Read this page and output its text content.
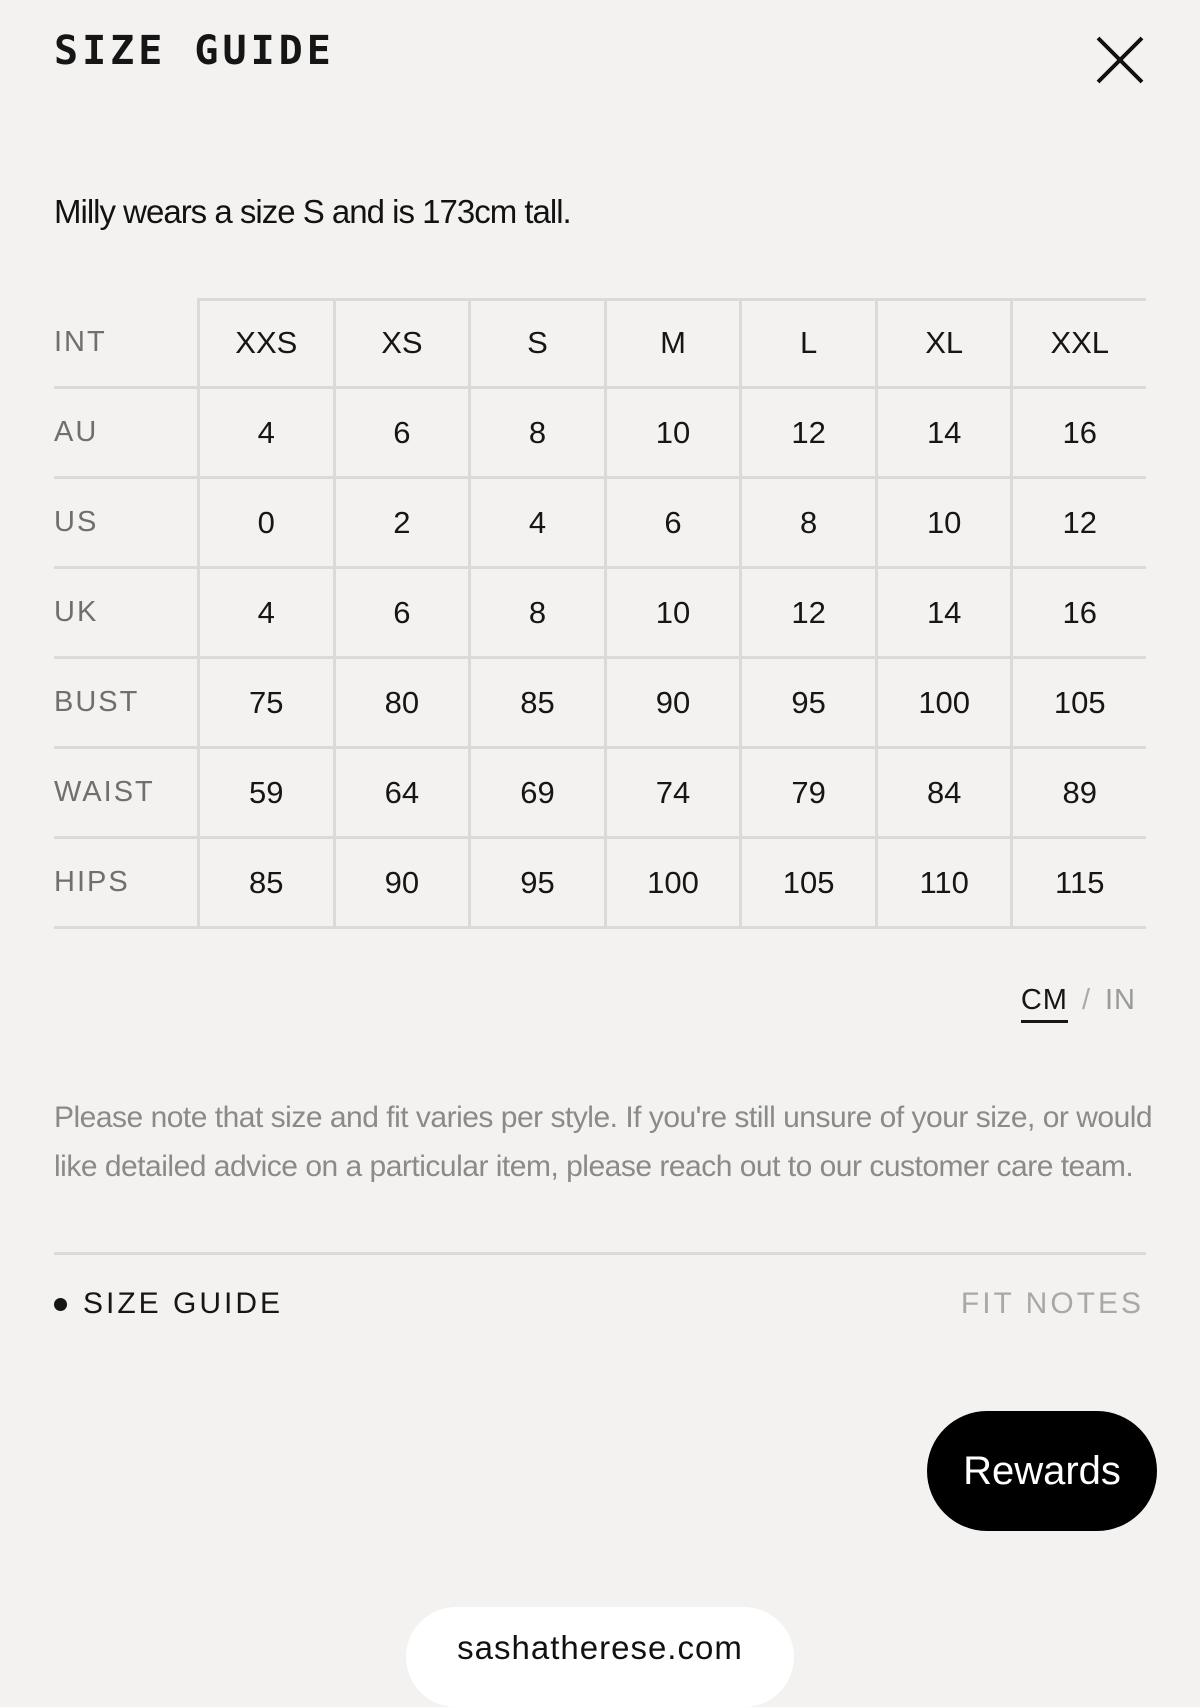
SIZE GUIDE
Milly wears a size S and is 173cm tall.
INT	XXS	XS	S	M	L	XL	XXL
AU	4	6	8	10	12	14	16
US	0	2	4	6	8	10	12
UK	4	6	8	10	12	14	16
BUST	75	80	85	90	95	100	105
WAIST	59	64	69	74	79	84	89
HIPS	85	90	95	100	105	110	115
CM / IN
Please note that size and fit varies per style. If you're still unsure of your size, or would like detailed advice on a particular item, please reach out to our customer care team.
SIZE GUIDE	FIT NOTES
Rewards
sashatherese.com
